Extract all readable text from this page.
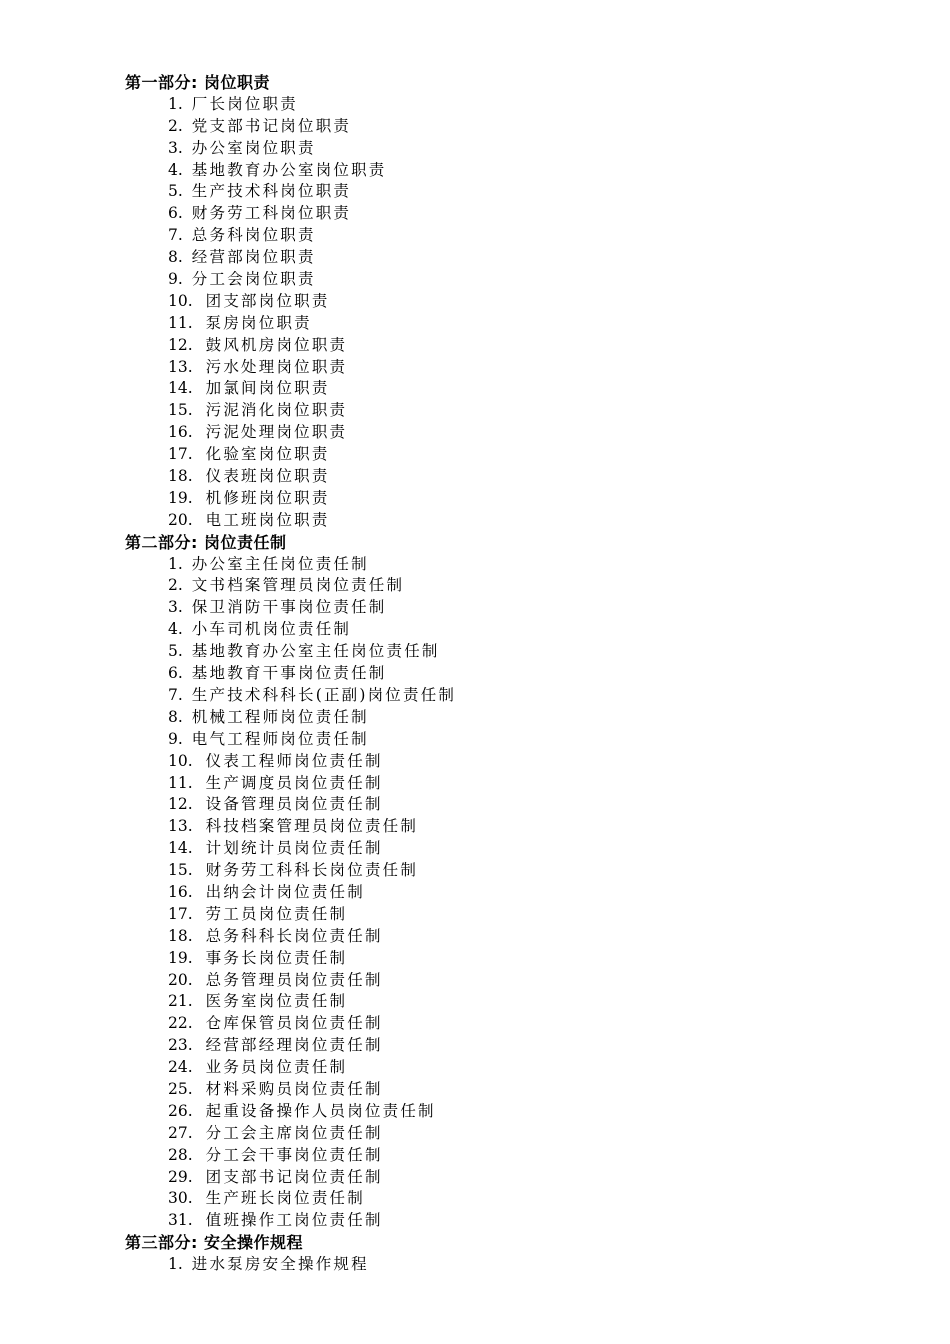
第一部分: 岗位职责
1. 厂长岗位职责
2. 党支部书记岗位职责
3. 办公室岗位职责
4. 基地教育办公室岗位职责
5. 生产技术科岗位职责
6. 财务劳工科岗位职责
7. 总务科岗位职责
8. 经营部岗位职责
9. 分工会岗位职责
10. 团支部岗位职责
11. 泵房岗位职责
12. 鼓风机房岗位职责
13. 污水处理岗位职责
14. 加氯间岗位职责
15. 污泥消化岗位职责
16. 污泥处理岗位职责
17. 化验室岗位职责
18. 仪表班岗位职责
19. 机修班岗位职责
20. 电工班岗位职责
第二部分: 岗位责任制
1. 办公室主任岗位责任制
2. 文书档案管理员岗位责任制
3. 保卫消防干事岗位责任制
4. 小车司机岗位责任制
5. 基地教育办公室主任岗位责任制
6. 基地教育干事岗位责任制
7. 生产技术科科长(正副)岗位责任制
8. 机械工程师岗位责任制
9. 电气工程师岗位责任制
10. 仪表工程师岗位责任制
11. 生产调度员岗位责任制
12. 设备管理员岗位责任制
13. 科技档案管理员岗位责任制
14. 计划统计员岗位责任制
15. 财务劳工科科长岗位责任制
16. 出纳会计岗位责任制
17. 劳工员岗位责任制
18. 总务科科长岗位责任制
19. 事务长岗位责任制
20. 总务管理员岗位责任制
21. 医务室岗位责任制
22. 仓库保管员岗位责任制
23. 经营部经理岗位责任制
24. 业务员岗位责任制
25. 材料采购员岗位责任制
26. 起重设备操作人员岗位责任制
27. 分工会主席岗位责任制
28. 分工会干事岗位责任制
29. 团支部书记岗位责任制
30. 生产班长岗位责任制
31. 值班操作工岗位责任制
第三部分: 安全操作规程
1. 进水泵房安全操作规程
